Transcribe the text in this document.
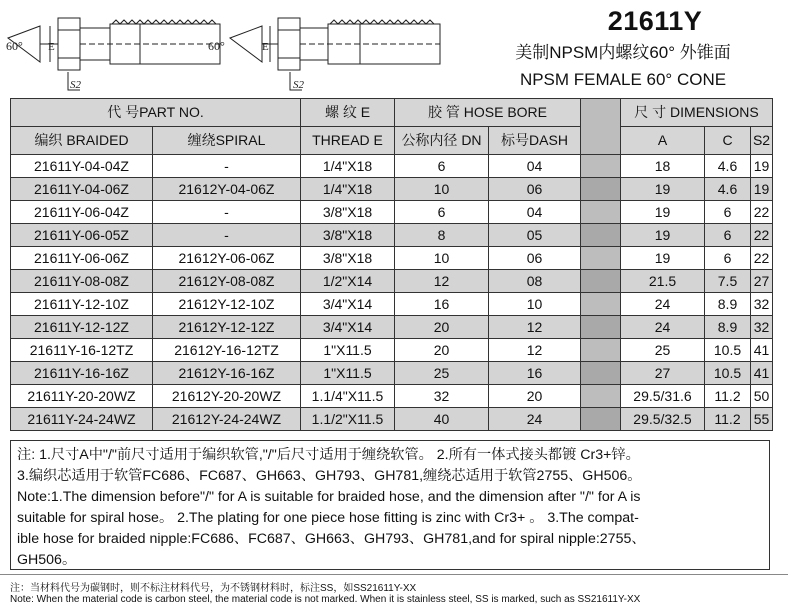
60° E
S2
60°	E
S2
21611Y
美制NPSM内螺纹60° 外锥面
NPSM FEMALE 60° CONE
代 号PART NO.		螺 纹 E	胶 管 HOSE BORE			尺 寸 DIMENSIONS		
编织 BRAIDED	缠绕SPIRAL	THREAD E	公称内径 DN	标号DASH		A	C	S2
21611Y-04-04Z	-	1/4"X18	6	04		18	4.6	19
21611Y-04-06Z	21612Y-04-06Z	1/4"X18	10	06		19	4.6	19
21611Y-06-04Z	-	3/8"X18	6	04		19	6	22
21611Y-06-05Z	-	3/8"X18	8	05		19	6	22
21611Y-06-06Z	21612Y-06-06Z	3/8"X18	10	06		19	6	22
21611Y-08-08Z	21612Y-08-08Z	1/2"X14	12	08		21.5	7.5	27
21611Y-12-10Z	21612Y-12-10Z	3/4"X14	16	10		24	8.9	32
21611Y-12-12Z	21612Y-12-12Z	3/4"X14	20	12		24	8.9	32
21611Y-16-12TZ	21612Y-16-12TZ	1"X11.5	20	12		25	10.5	41
21611Y-16-16Z	21612Y-16-16Z	1"X11.5	25	16		27	10.5	41
21611Y-20-20WZ	21612Y-20-20WZ	1.1/4"X11.5	32	20		29.5/31.6	11.2	50
21611Y-24-24WZ	21612Y-24-24WZ	1.1/2"X11.5	40	24		29.5/32.5	11.2	55
注: 1.尺寸A中"/"前尺寸适用于编织软管,"/"后尺寸适用于缠绕软管。 2.所有一体式接头都镀 Cr3+锌。
3.编织芯适用于软管FC686、FC687、GH663、GH793、GH781,缠绕芯适用于软管2755、GH506。
Note:1.The dimension before"/" for A is suitable for braided hose, and the dimension after "/" for A is
suitable for spiral hose。 2.The plating for one piece hose fitting is zinc with Cr3+ 。 3.The compat-
ible hose for braided nipple:FC686、FC687、GH663、GH793、GH781,and for spiral nipple:2755、
GH506。
注：当材料代号为碳钢时，则不标注材料代号，为不锈钢材料时，标注SS，如SS21611Y-XX
Note: When the material code is carbon steel, the material code is not marked. When it is stainless steel, SS is marked, such as SS21611Y-XX
